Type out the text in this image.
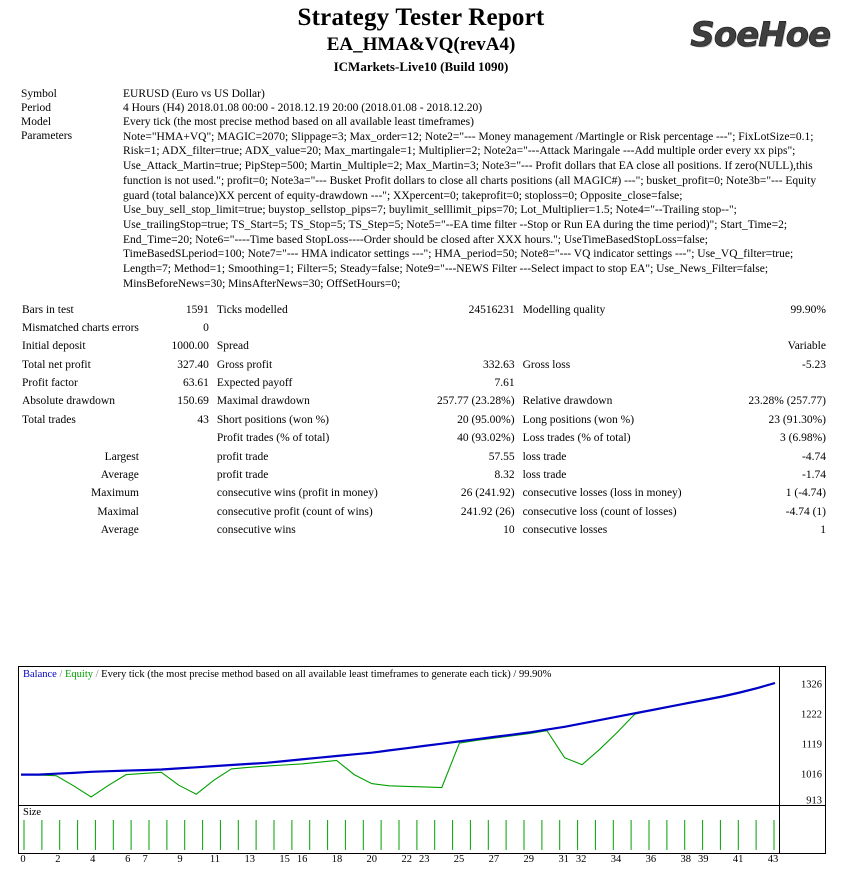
Strategy Tester Report
EA_HMA&VQ(revA4)
ICMarkets-Live10 (Build 1090)
SoeHoe
Symbol	EURUSD (Euro vs US Dollar)
Period	4 Hours (H4) 2018.01.08 00:00 - 2018.12.19 20:00 (2018.01.08 - 2018.12.20)
Model	Every tick (the most precise method based on all available least timeframes)
Parameters	Note="HMA+VQ"; MAGIC=2070; Slippage=3; Max_order=12; Note2="--- Money management /Martingle or Risk percentage ---"; FixLotSize=0.1; Risk=1; ADX_filter=true; ADX_value=20; Max_martingale=1; Multiplier=2; Note2a="---Attack Maringale ---Add multiple order every xx pips"; Use_Attack_Martin=true; PipStep=500; Martin_Multiple=2; Max_Martin=3; Note3="--- Profit dollars that EA close all positions. If zero(NULL),this function is not used."; profit=0; Note3a="--- Busket Profit dollars to close all charts positions (all MAGIC#) ---"; busket_profit=0; Note3b="--- Equity guard (total balance)XX percent of equity-drawdown ---"; XXpercent=0; takeprofit=0; stoploss=0; Opposite_close=false; Use_buy_sell_stop_limit=true; buystop_sellstop_pips=7; buylimit_selllimit_pips=70; Lot_Multiplier=1.5; Note4="--Trailing stop--"; Use_trailingStop=true; TS_Start=5; TS_Stop=5; TS_Step=5; Note5="--EA time filter --Stop or Run EA during the time period)"; Start_Time=2; End_Time=20; Note6="----Time based StopLoss----Order should be closed after XXX hours."; UseTimeBasedStopLoss=false; TimeBasedSLperiod=100; Note7="--- HMA indicator settings ---"; HMA_period=50; Note8="--- VQ indicator settings ---"; Use_VQ_filter=true; Length=7; Method=1; Smoothing=1; Filter=5; Steady=false; Note9="---NEWS Filter ---Select impact to stop EA"; Use_News_Filter=false; MinsBeforeNews=30; MinsAfterNews=30; OffSetHours=0;
Bars in test	1591	Ticks modelled	24516231	Modelling quality	99.90%
Mismatched charts errors	0				
Initial deposit	1000.00	Spread			Variable
Total net profit	327.40	Gross profit	332.63	Gross loss	-5.23
Profit factor	63.61	Expected payoff	7.61		
Absolute drawdown	150.69	Maximal drawdown	257.77 (23.28%)	Relative drawdown	23.28% (257.77)
Total trades	43	Short positions (won %)	20 (95.00%)	Long positions (won %)	23 (91.30%)
		Profit trades (% of total)	40 (93.02%)	Loss trades (% of total)	3 (6.98%)
Largest		profit trade	57.55	loss trade	-4.74
Average		profit trade	8.32	loss trade	-1.74
Maximum		consecutive wins (profit in money)	26 (241.92)	consecutive losses (loss in money)	1 (-4.74)
Maximal		consecutive profit (count of wins)	241.92 (26)	consecutive loss (count of losses)	-4.74 (1)
Average		consecutive wins	10	consecutive losses	1
Balance / Equity / Every tick (the most precise method based on all available least timeframes to generate each tick) / 99.90%
1326
1222
1119
1016
913
Size
0	2	4	6 7	9	11 13 15 16 18 20 22 23 25 27 29 31 32 34 36 38 39 41 43
